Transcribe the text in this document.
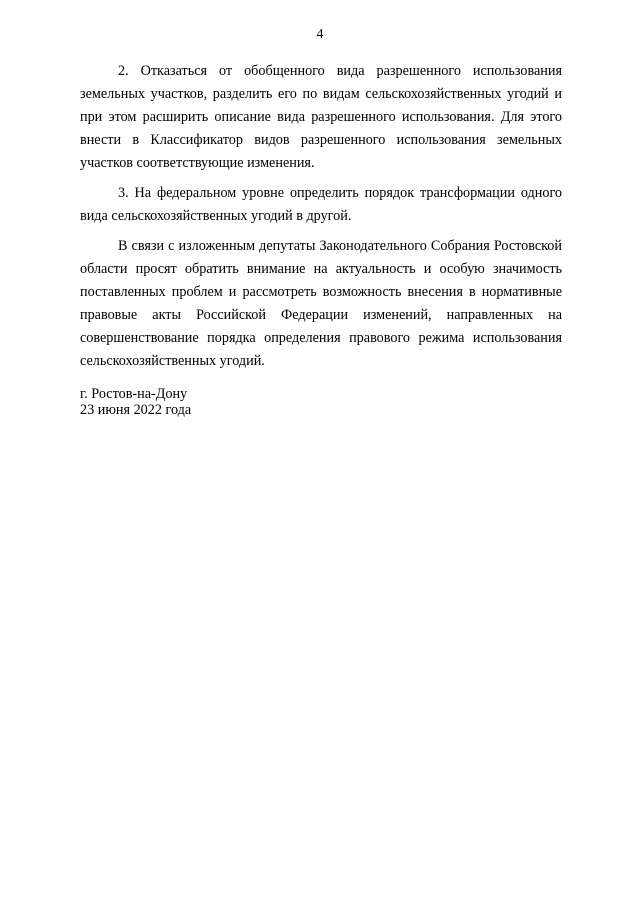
4

2. Отказаться от обобщенного вида разрешенного использования земельных участков, разделить его по видам сельскохозяйственных угодий и при этом расширить описание вида разрешенного использования. Для этого внести в Классификатор видов разрешенного использования земельных участков соответствующие изменения.

3. На федеральном уровне определить порядок трансформации одного вида сельскохозяйственных угодий в другой.

В связи с изложенным депутаты Законодательного Собрания Ростовской области просят обратить внимание на актуальность и особую значимость поставленных проблем и рассмотреть возможность внесения в нормативные правовые акты Российской Федерации изменений, направленных на совершенствование порядка определения правового режима использования сельскохозяйственных угодий.

г. Ростов-на-Дону
23 июня 2022 года
